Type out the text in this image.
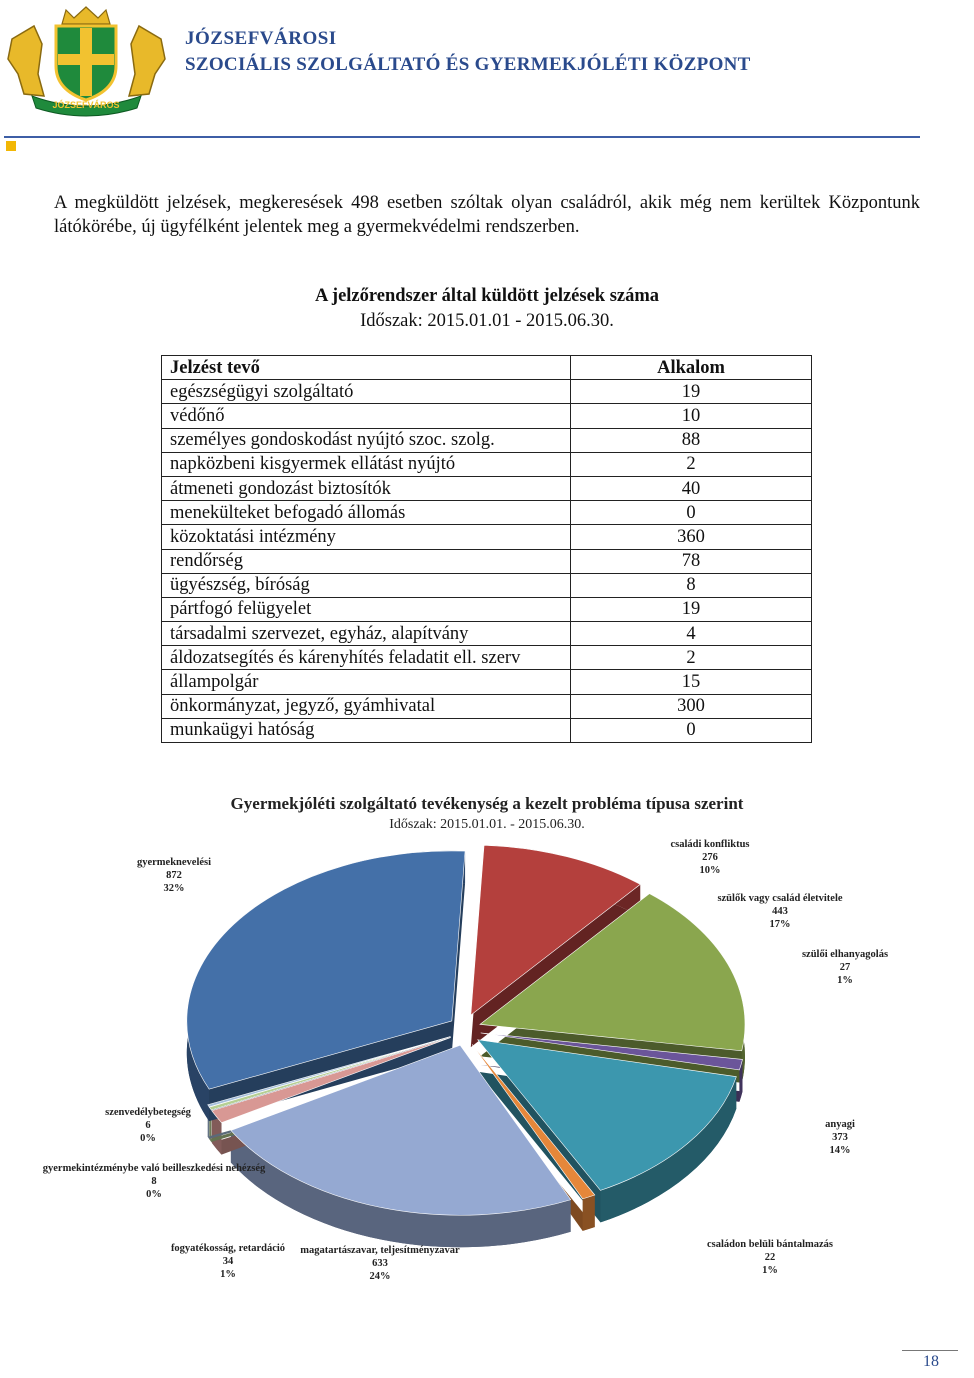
JÓZSEFVÁROS
JÓZSEFVÁROSI
SZOCIÁLIS SZOLGÁLTATÓ ÉS GYERMEKJÓLÉTI KÖZPONT
A megküldött jelzések, megkeresések 498 esetben szóltak olyan családról, akik még nem kerültek Központunk látókörébe, új ügyfélként jelentek meg a gyermekvédelmi rendszerben.
A jelzőrendszer által küldött jelzések száma
Időszak: 2015.01.01 - 2015.06.30.
Jelzést tevő	Alkalom
egészségügyi szolgáltató	19
védőnő	10
személyes gondoskodást nyújtó szoc. szolg.	88
napközbeni kisgyermek ellátást nyújtó	2
átmeneti gondozást biztosítók	40
menekülteket befogadó állomás	0
közoktatási intézmény	360
rendőrség	78
ügyészség, bíróság	8
pártfogó felügyelet	19
társadalmi szervezet, egyház, alapítvány	4
áldozatsegítés és kárenyhítés feladatit ell. szerv	2
állampolgár	15
önkormányzat, jegyző, gyámhivatal	300
munkaügyi hatóság	0
Gyermekjóléti szolgáltató tevékenység a kezelt probléma típusa szerint
Időszak: 2015.01.01. - 2015.06.30.
családi konfliktus 276 10%
szülők vagy család életvitele 443 17%
szülői elhanyagolás 27 1%
anyagi 373 14%
családon belüli bántalmazás 22 1%
magatartászavar, teljesítményzavar 633 24%
fogyatékosság, retardáció 34 1%
gyermekintézménybe való beilleszkedési nehézség 8 0%
szenvedélybetegség 6 0%
gyermeknevelési 872 32%
18
